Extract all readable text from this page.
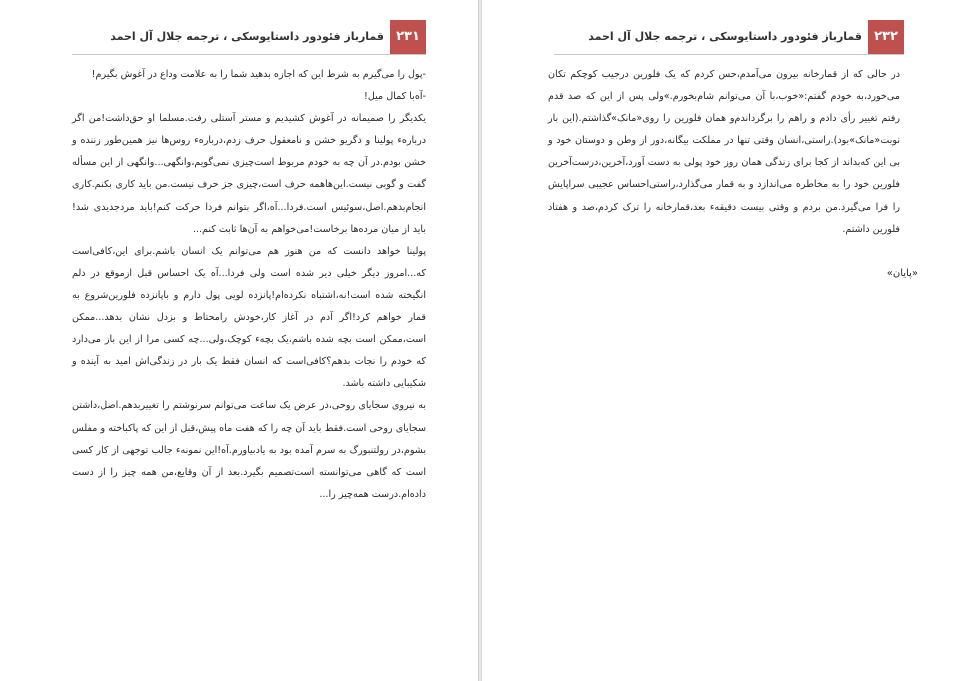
قمارباز فئودور داستایوسکی ، ترجمه جلال آل احمد ۲۳۱
-پول را می‌گیرم به شرط این که اجازه بدهید شما را به علامت وداع در آغوش بگیرم!
-آه‌با کمال میل!

یکدیگر را صمیمانه در آغوش کشیدیم و مستر آستلی رفت.مسلما او حق‌داشت!من اگر درباره‌ء پولینا و دگریو خشن و نامعقول حرف زدم،درباره‌ء روس‌ها نیز همین‌طور زننده و خشن بودم.در آن چه به خودم مربوط است‌چیزی نمی‌گویم،وانگهی...وانگهی از این مسأله گفت و گوبی نیست.این‌هاهمه حرف است،چیزی جز حرف نیست.من باید کاری بکنم.کاری انجام‌بدهم.اصل،سوئیس است.فردا...آه،اگر بتوانم فردا حرکت کنم!باید مردجدیدی شد!باید از میان مرده‌ها برخاست!می‌خواهم به آن‌ها ثابت کنم...

پولینا خواهد دانست که من هنوز هم می‌توانم یک انسان باشم.برای این،کافی‌است که...امروز دیگر خیلی دیر شده است ولی فردا...آه یک احساس قبل ازموقع در دلم انگیخته شده است!نه،اشتباه نکرده‌ام!پانزده لویی پول دارم و باپانزده فلورین‌شروع به قمار خواهم کرد!اگر آدم در آغاز کار،خودش رامحتاط و بزدل نشان بدهد...ممکن است،ممکن است بچه شده باشم،یک بچه‌ء کوچک،ولی...چه کسی مرا از این باز می‌دارد که خودم را نجات بدهم؟کافی‌است که انسان فقط یک بار در زندگی‌اش امید به آینده و شکیبایی داشته باشد.

به نیروی سجایای روحی،در عرض یک ساعت می‌توانم سرنوشتم را تغییربدهم.اصل،داشتن سجایای روحی است.فقط باید آن چه را که هفت ماه پیش،قبل از این که پاکباخته و مفلس بشوم،در رولتنبورگ به سرم آمده بود به یادبیاورم.آه!این نمونه‌ء جالب توجهی از کار کسی است که گاهی می‌توانسته است‌تصمیم بگیرد.بعد از آن وقایع،من همه چیز را از دست داده‌ام.درست همه‌چیز را...

قمارباز فئودور داستایوسکی ، ترجمه جلال آل احمد ۲۳۲

در حالی که از قمارخانه بیرون می‌آمدم،حس کردم که یک فلورین درجیب کوچکم تکان می‌خورد،به خودم گفتم:«خوب،با آن می‌توانم شام‌بخورم.»ولی پس از این که صد قدم رفتم تغییر رأی دادم و راهم را برگرداندم‌و همان فلورین را روی«مانک»گذاشتم.(این بار نوبت«مانک»بود).راستی،انسان وقتی تنها در مملکت بیگانه،دور از وطن و دوستان خود و بی این که‌بداند از کجا برای زندگی همان روز خود پولی به دست آورد،آخرین،درست‌آخرین فلورین خود را به مخاطره می‌اندازد و به قمار می‌گذارد،راستی‌احساس عجیبی سراپایش را فرا می‌گیرد.من بردم و وقتی بیست دقیقه‌ء بعد،قمارخانه را ترک کردم،صد و هفتاد فلورین داشتم.

«پایان»
